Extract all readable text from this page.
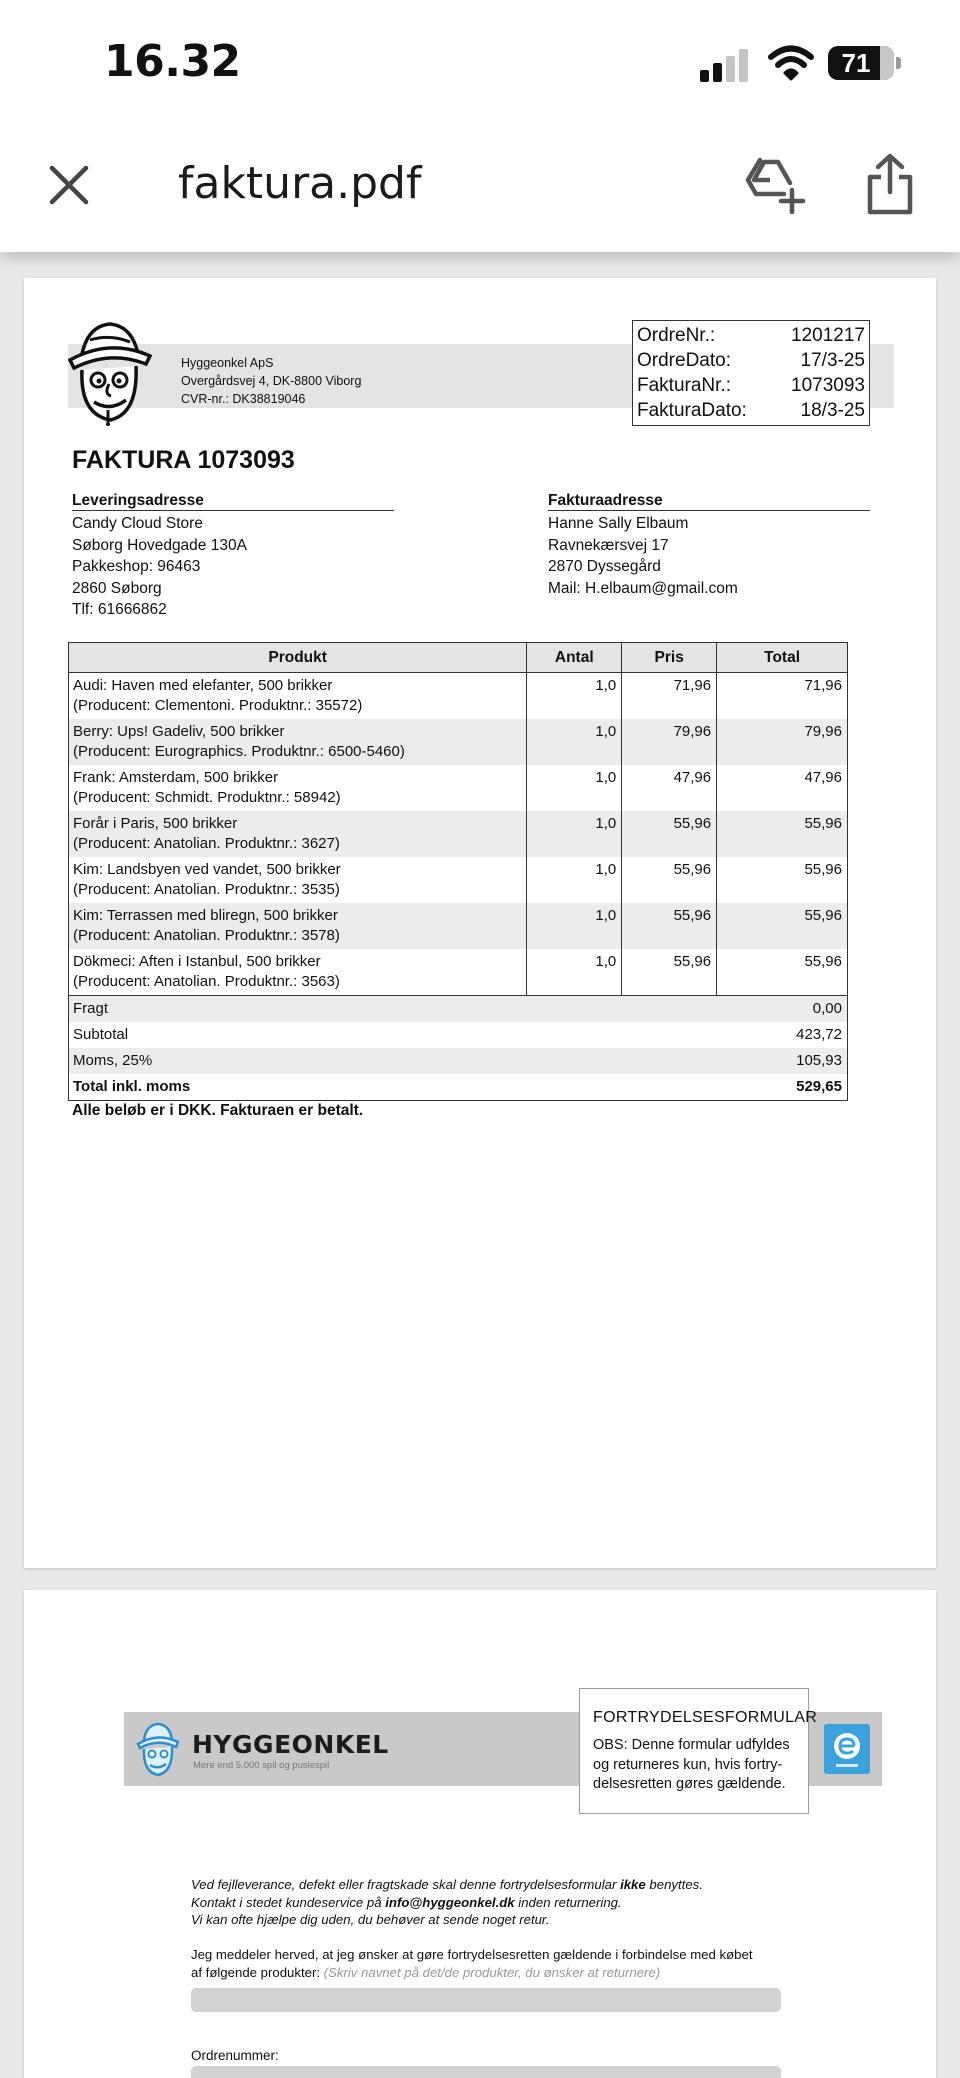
16.32	71
faktura.pdf
Hyggeonkel ApS
Overgårdsvej 4, DK-8800 Viborg
CVR-nr.: DK38819046
OrdreNr.:	1201217
OrdreDato:	17/3-25
FakturaNr.:	1073093
FakturaDato:	18/3-25
FAKTURA 1073093
Leveringsadresse
Candy Cloud Store
Søborg Hovedgade 130A
Pakkeshop: 96463
2860 Søborg
Tlf: 61666862
Fakturaadresse
Hanne Sally Elbaum
Ravnekærsvej 17
2870 Dyssegård
Mail: H.elbaum@gmail.com
Produkt	Antal	Pris	Total

Audi: Haven med elefanter, 500 brikker
(Producent: Clementoni. Produktnr.: 35572)	1,0	71,96	71,96

Berry: Ups! Gadeliv, 500 brikker
(Producent: Eurographics. Produktnr.: 6500-5460)	1,0	79,96	79,96

Frank: Amsterdam, 500 brikker
(Producent: Schmidt. Produktnr.: 58942)	1,0	47,96	47,96

Forår i Paris, 500 brikker
(Producent: Anatolian. Produktnr.: 3627)	1,0	55,96	55,96

Kim: Landsbyen ved vandet, 500 brikker
(Producent: Anatolian. Produktnr.: 3535)	1,0	55,96	55,96

Kim: Terrassen med bliregn, 500 brikker
(Producent: Anatolian. Produktnr.: 3578)	1,0	55,96	55,96

Dökmeci: Aften i Istanbul, 500 brikker
(Producent: Anatolian. Produktnr.: 3563)	1,0	55,96	55,96
Fragt			0,00
Subtotal			423,72
Moms, 25%			105,93
Total inkl. moms			529,65
Alle beløb er i DKK. Fakturaen er betalt.
HYGGEONKEL
Mere end 5.000 spil og puslespil
FORTRYDELSESFORMULAR
OBS: Denne formular udfyldes
og returneres kun, hvis fortry-
delsesretten gøres gældende.
Ved fejlleverance, defekt eller fragtskade skal denne fortrydelsesformular ikke benyttes.
Kontakt i stedet kundeservice på info@hyggeonkel.dk inden returnering.
Vi kan ofte hjælpe dig uden, du behøver at sende noget retur.
Jeg meddeler herved, at jeg ønsker at gøre fortrydelsesretten gældende i forbindelse med købet
af følgende produkter: (Skriv navnet på det/de produkter, du ønsker at returnere)
Ordrenummer:
